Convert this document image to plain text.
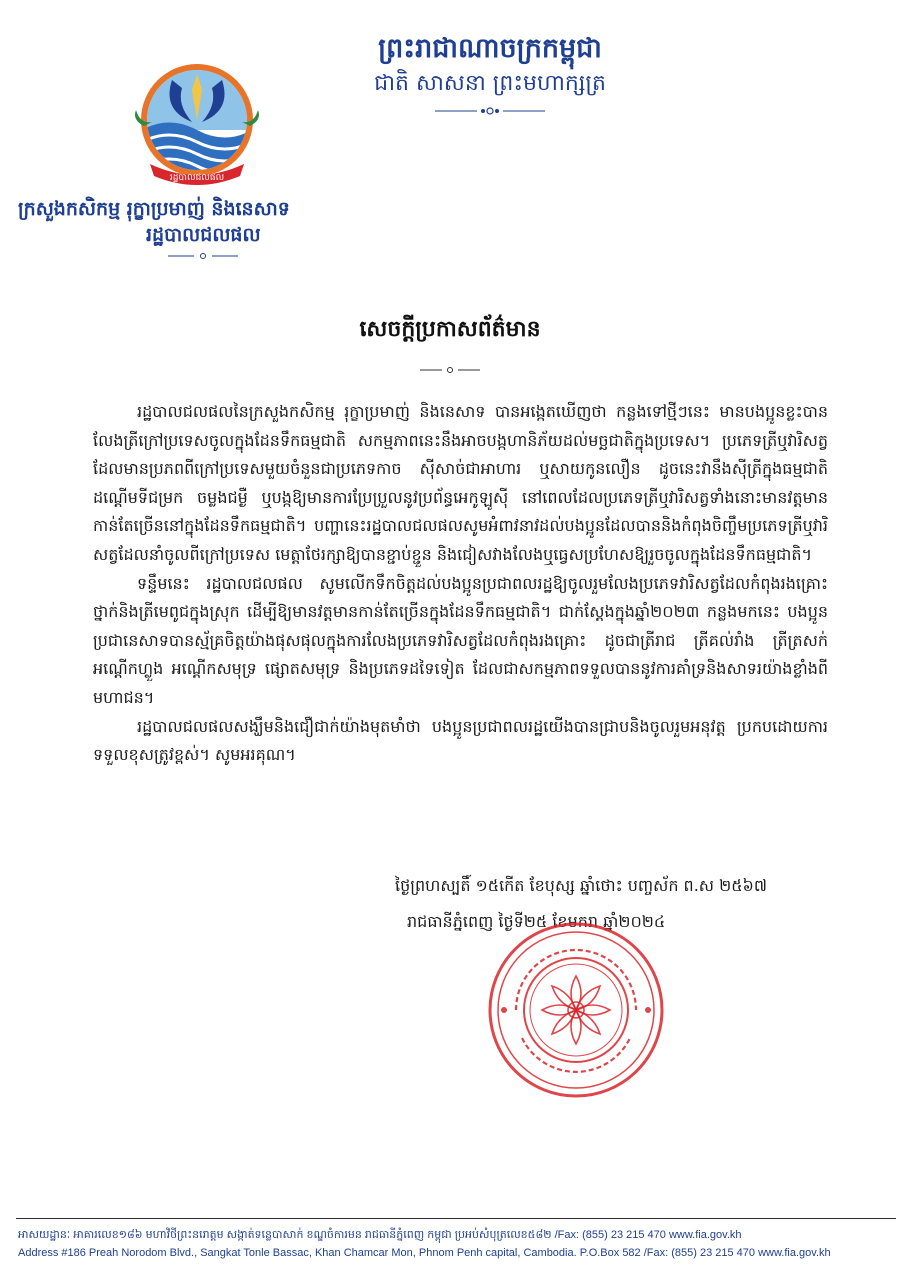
ព្រះរាជាណាចក្រកម្ពុជា
ជាតិ សាសនា ព្រះមហាក្សត្រ
រដ្ឋបាលជលផល
ក្រសួងកសិកម្ម រុក្ខាប្រមាញ់ និងនេសាទ
រដ្ឋបាលជលផល
សេចក្តីប្រកាសព័ត៌មាន

រដ្ឋបាលជលផលនៃក្រសួងកសិកម្ម រុក្ខាប្រមាញ់ និងនេសាទ បានអង្កេតឃើញថា កន្លងទៅថ្មីៗនេះ មានបងប្អូនខ្លះបានលែងត្រីក្រៅប្រទេសចូលក្នុងដែនទឹកធម្មជាតិ សកម្មភាពនេះនឹងអាចបង្កហានិភ័យដល់មច្ឆជាតិក្នុងប្រទេស។ ប្រភេទត្រីឬវារិសត្វដែលមានប្រភពពីក្រៅប្រទេសមួយចំនួនជាប្រភេទកាច ស៊ីសាច់ជាអាហារ ឬសាយកូនលឿន ដូចនេះវានឹងស៊ីត្រីក្នុងធម្មជាតិ ដណ្តើមទីជម្រក ចម្លងជម្ងឺ ឬបង្កឱ្យមានការប្រែប្រួលនូវប្រព័ន្ធអេកូឡូស៊ី នៅពេលដែលប្រភេទត្រីឬវារិសត្វទាំងនោះមានវត្តមានកាន់តែច្រើននៅក្នុងដែនទឹកធម្មជាតិ។ បញ្ហានេះរដ្ឋបាលជលផលសូមអំពាវនាវដល់បងប្អូនដែលបាននិងកំពុងចិញ្ចឹមប្រភេទត្រីឬវារិសត្វដែលនាំចូលពីក្រៅប្រទេស មេត្តាថែរក្សាឱ្យបានខ្ជាប់ខ្ជួន និងជៀសវាងលែងឬធ្វេសប្រហែសឱ្យរួចចូលក្នុងដែនទឹកធម្មជាតិ។

ទន្ទឹមនេះ រដ្ឋបាលជលផល សូមលើកទឹកចិត្តដល់បងប្អូនប្រជាពលរដ្ឋឱ្យចូលរួមលែងប្រភេទវារិសត្វដែលកំពុងរងគ្រោះថ្នាក់និងត្រីមេពូជក្នុងស្រុក ដើម្បីឱ្យមានវត្តមានកាន់តែច្រើនក្នុងដែនទឹកធម្មជាតិ។ ជាក់ស្តែងក្នុងឆ្នាំ២០២៣ កន្លងមកនេះ បងប្អូនប្រជានេសាទបានស្ម័គ្រចិត្តយ៉ាងផុសផុលក្នុងការលែងប្រភេទវារិសត្វដែលកំពុងរងគ្រោះ ដូចជាត្រីរាជ ត្រីគល់រាំង ត្រីត្រសក់ អណ្តើកហ្លួង អណ្តើកសមុទ្រ ផ្សោតសមុទ្រ និងប្រភេទដទៃទៀត ដែលជាសកម្មភាពទទួលបាននូវការគាំទ្រនិងសាទរយ៉ាងខ្លាំងពីមហាជន។

រដ្ឋបាលជលផលសង្ឃឹមនិងជឿជាក់យ៉ាងមុតមាំថា បងប្អូនប្រជាពលរដ្ឋយើងបានជ្រាបនិងចូលរួមអនុវត្ត ប្រកបដោយការទទួលខុសត្រូវខ្ពស់។ សូមអរគុណ។

ថ្ងៃព្រហស្បតិ៍ ១៥កើត ខែបុស្ស ឆ្នាំថោះ បញ្ចស័ក ព.ស ២៥៦៧
រាជធានីភ្នំពេញ ថ្ងៃទី២៥ ខែមករា ឆ្នាំ២០២៤
អាសយដ្ឋានៈ អាគារលេខ១៨៦ មហាវិថីព្រះនរោត្តម សង្កាត់ទន្លេបាសាក់ ខណ្ឌចំការមន រាជធានីភ្នំពេញ កម្ពុជា ប្រអប់សំបុត្រលេខ៥៨២ /Fax: (855) 23 215 470 www.fia.gov.kh
Address #186 Preah Norodom Blvd., Sangkat Tonle Bassac, Khan Chamcar Mon, Phnom Penh capital, Cambodia. P.O.Box 582 /Fax: (855) 23 215 470 www.fia.gov.kh
